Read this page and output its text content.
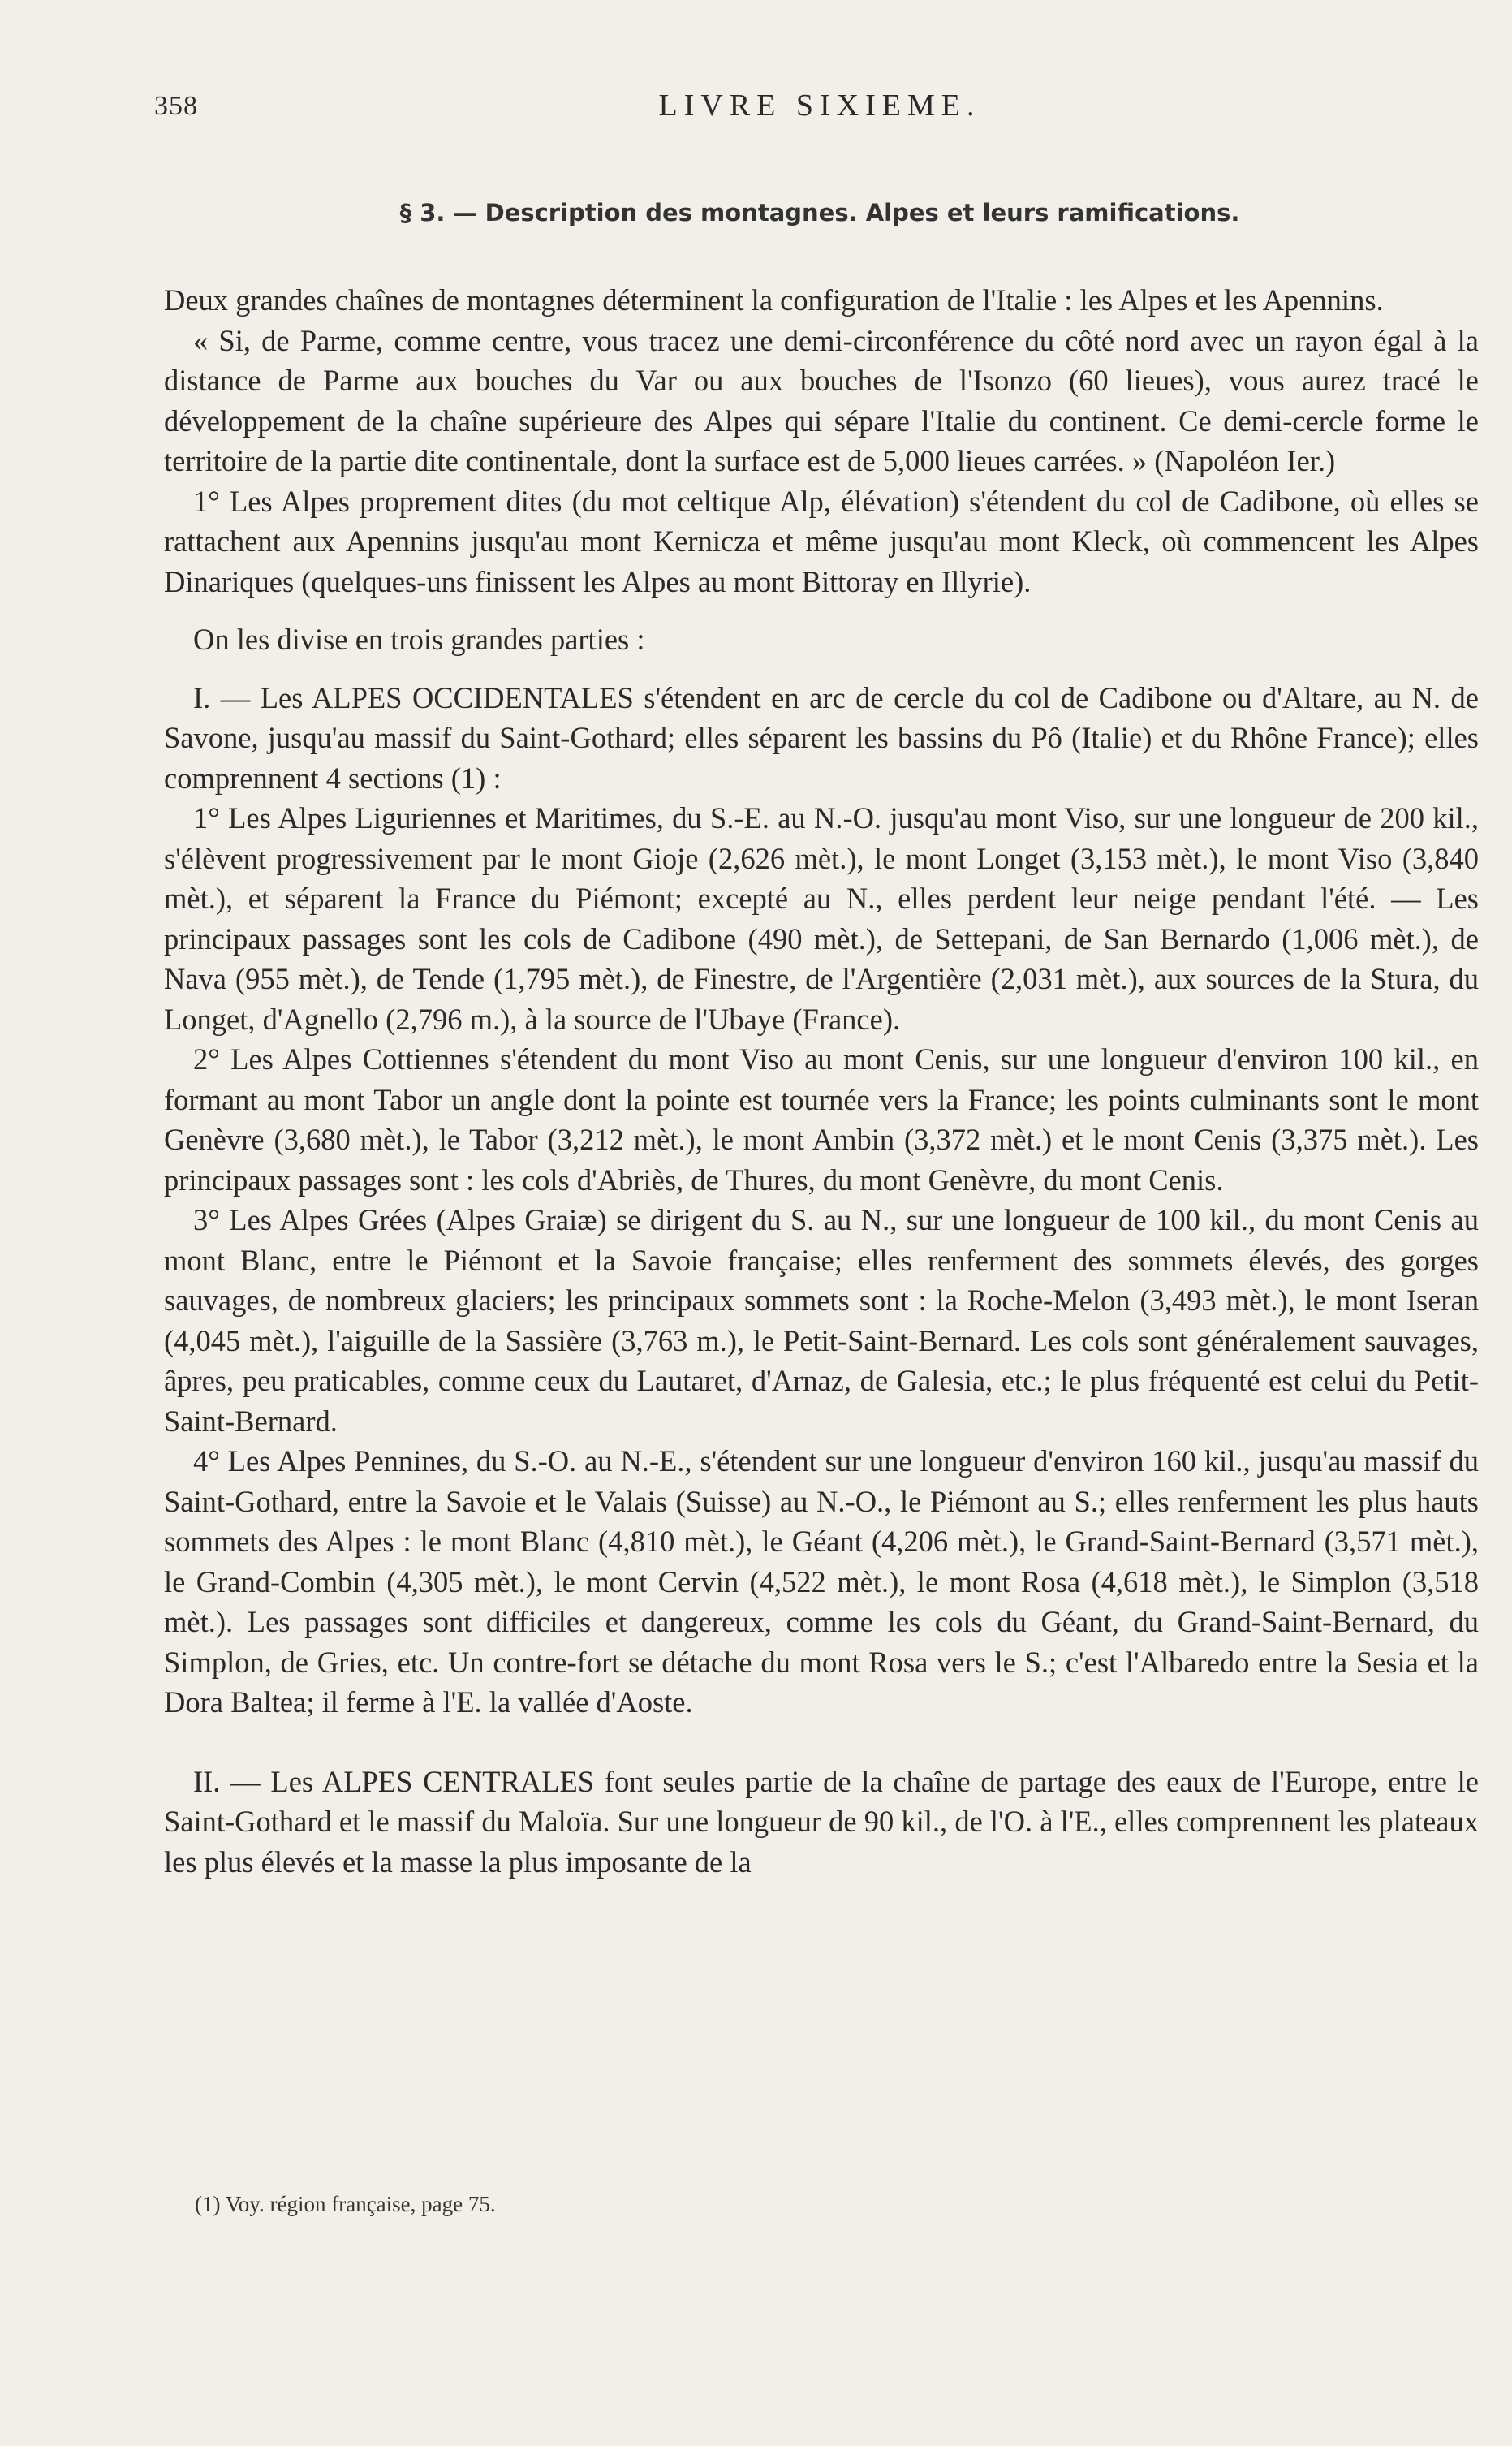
358	LIVRE SIXIEME.
§ 3. — Description des montagnes. Alpes et leurs ramifications.

Deux grandes chaînes de montagnes déterminent la configuration de l'Italie : les Alpes et les Apennins.

« Si, de Parme, comme centre, vous tracez une demi-circonférence du côté nord avec un rayon égal à la distance de Parme aux bouches du Var ou aux bouches de l'Isonzo (60 lieues), vous aurez tracé le développement de la chaîne supérieure des Alpes qui sépare l'Italie du continent. Ce demi-cercle forme le territoire de la partie dite continentale, dont la surface est de 5,000 lieues carrées. » (Napoléon Ier.)

1° Les Alpes proprement dites (du mot celtique Alp, élévation) s'étendent du col de Cadibone, où elles se rattachent aux Apennins jusqu'au mont Kernicza et même jusqu'au mont Kleck, où commencent les Alpes Dinariques (quelques-uns finissent les Alpes au mont Bittoray en Illyrie).

On les divise en trois grandes parties :

I. — Les ALPES OCCIDENTALES s'étendent en arc de cercle du col de Cadibone ou d'Altare, au N. de Savone, jusqu'au massif du Saint-Gothard; elles séparent les bassins du Pô (Italie) et du Rhône France); elles comprennent 4 sections (1) :

1° Les Alpes Liguriennes et Maritimes, du S.-E. au N.-O. jusqu'au mont Viso, sur une longueur de 200 kil., s'élèvent progressivement par le mont Gioje (2,626 mèt.), le mont Longet (3,153 mèt.), le mont Viso (3,840 mèt.), et séparent la France du Piémont; excepté au N., elles perdent leur neige pendant l'été. — Les principaux passages sont les cols de Cadibone (490 mèt.), de Settepani, de San Bernardo (1,006 mèt.), de Nava (955 mèt.), de Tende (1,795 mèt.), de Finestre, de l'Argentière (2,031 mèt.), aux sources de la Stura, du Longet, d'Agnello (2,796 m.), à la source de l'Ubaye (France).

2° Les Alpes Cottiennes s'étendent du mont Viso au mont Cenis, sur une longueur d'environ 100 kil., en formant au mont Tabor un angle dont la pointe est tournée vers la France; les points culminants sont le mont Genèvre (3,680 mèt.), le Tabor (3,212 mèt.), le mont Ambin (3,372 mèt.) et le mont Cenis (3,375 mèt.). Les principaux passages sont : les cols d'Abriès, de Thures, du mont Genèvre, du mont Cenis.

3° Les Alpes Grées (Alpes Graiæ) se dirigent du S. au N., sur une longueur de 100 kil., du mont Cenis au mont Blanc, entre le Piémont et la Savoie française; elles renferment des sommets élevés, des gorges sauvages, de nombreux glaciers; les principaux sommets sont : la Roche-Melon (3,493 mèt.), le mont Iseran (4,045 mèt.), l'aiguille de la Sassière (3,763 m.), le Petit-Saint-Bernard. Les cols sont généralement sauvages, âpres, peu praticables, comme ceux du Lautaret, d'Arnaz, de Galesia, etc.; le plus fréquenté est celui du Petit-Saint-Bernard.

4° Les Alpes Pennines, du S.-O. au N.-E., s'étendent sur une longueur d'environ 160 kil., jusqu'au massif du Saint-Gothard, entre la Savoie et le Valais (Suisse) au N.-O., le Piémont au S.; elles renferment les plus hauts sommets des Alpes : le mont Blanc (4,810 mèt.), le Géant (4,206 mèt.), le Grand-Saint-Bernard (3,571 mèt.), le Grand-Combin (4,305 mèt.), le mont Cervin (4,522 mèt.), le mont Rosa (4,618 mèt.), le Simplon (3,518 mèt.). Les passages sont difficiles et dangereux, comme les cols du Géant, du Grand-Saint-Bernard, du Simplon, de Gries, etc. Un contre-fort se détache du mont Rosa vers le S.; c'est l'Albaredo entre la Sesia et la Dora Baltea; il ferme à l'E. la vallée d'Aoste.

II. — Les ALPES CENTRALES font seules partie de la chaîne de partage des eaux de l'Europe, entre le Saint-Gothard et le massif du Maloïa. Sur une longueur de 90 kil., de l'O. à l'E., elles comprennent les plateaux les plus élevés et la masse la plus imposante de la

(1) Voy. région française, page 75.
